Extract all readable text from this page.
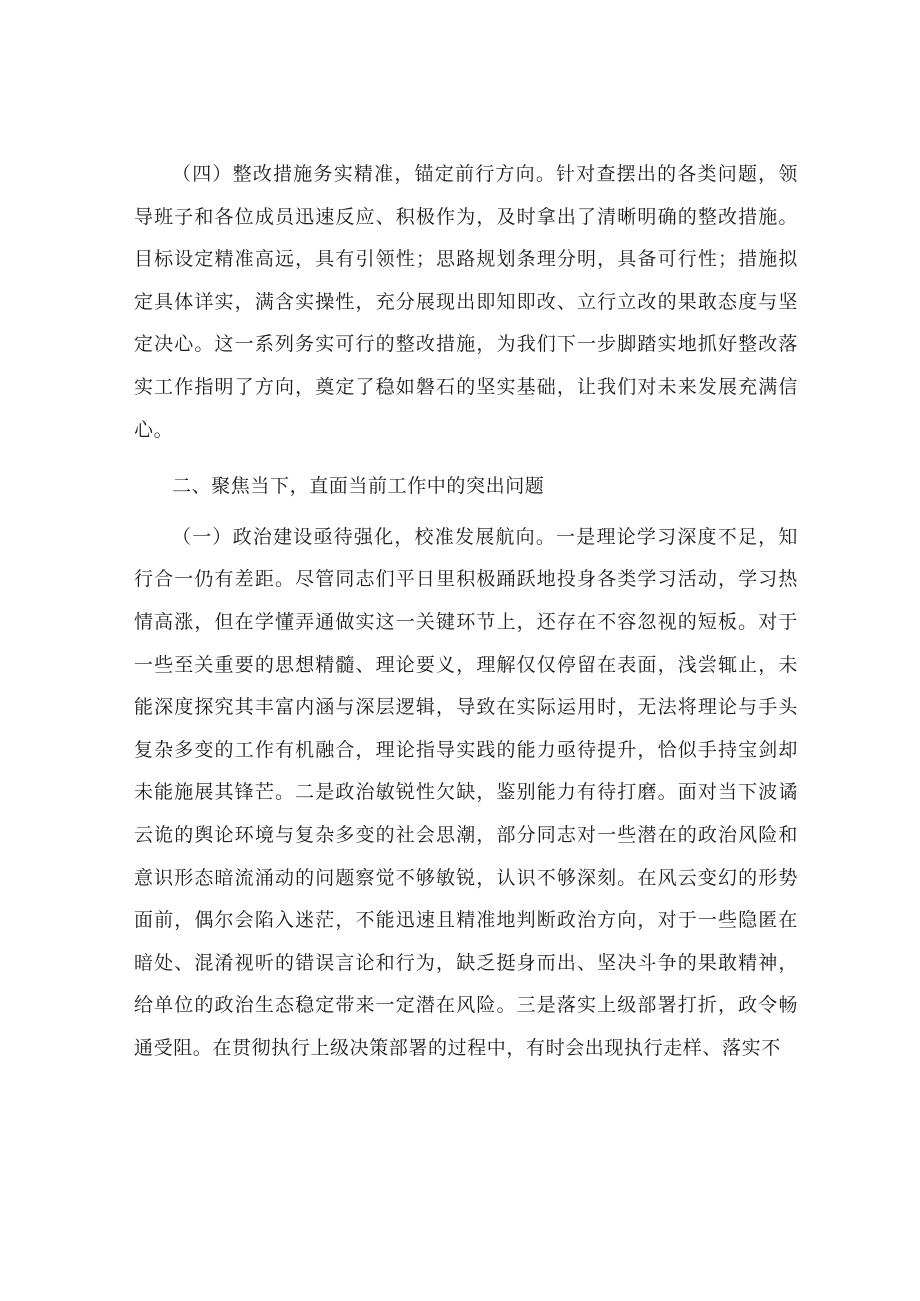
（四）整改措施务实精准，锚定前行方向。针对查摆出的各类问题，领导班子和各位成员迅速反应、积极作为，及时拿出了清晰明确的整改措施。目标设定精准高远，具有引领性；思路规划条理分明，具备可行性；措施拟定具体详实，满含实操性，充分展现出即知即改、立行立改的果敢态度与坚定决心。这一系列务实可行的整改措施，为我们下一步脚踏实地抓好整改落实工作指明了方向，奠定了稳如磐石的坚实基础，让我们对未来发展充满信心。

二、聚焦当下，直面当前工作中的突出问题

（一）政治建设亟待强化，校准发展航向。一是理论学习深度不足，知行合一仍有差距。尽管同志们平日里积极踊跃地投身各类学习活动，学习热情高涨，但在学懂弄通做实这一关键环节上，还存在不容忽视的短板。对于一些至关重要的思想精髓、理论要义，理解仅仅停留在表面，浅尝辄止，未能深度探究其丰富内涵与深层逻辑，导致在实际运用时，无法将理论与手头复杂多变的工作有机融合，理论指导实践的能力亟待提升，恰似手持宝剑却未能施展其锋芒。二是政治敏锐性欠缺，鉴别能力有待打磨。面对当下波谲云诡的舆论环境与复杂多变的社会思潮，部分同志对一些潜在的政治风险和意识形态暗流涌动的问题察觉不够敏锐，认识不够深刻。在风云变幻的形势面前，偶尔会陷入迷茫，不能迅速且精准地判断政治方向，对于一些隐匿在暗处、混淆视听的错误言论和行为，缺乏挺身而出、坚决斗争的果敢精神，给单位的政治生态稳定带来一定潜在风险。三是落实上级部署打折，政令畅通受阻。在贯彻执行上级决策部署的过程中，有时会出现执行走样、落实不
